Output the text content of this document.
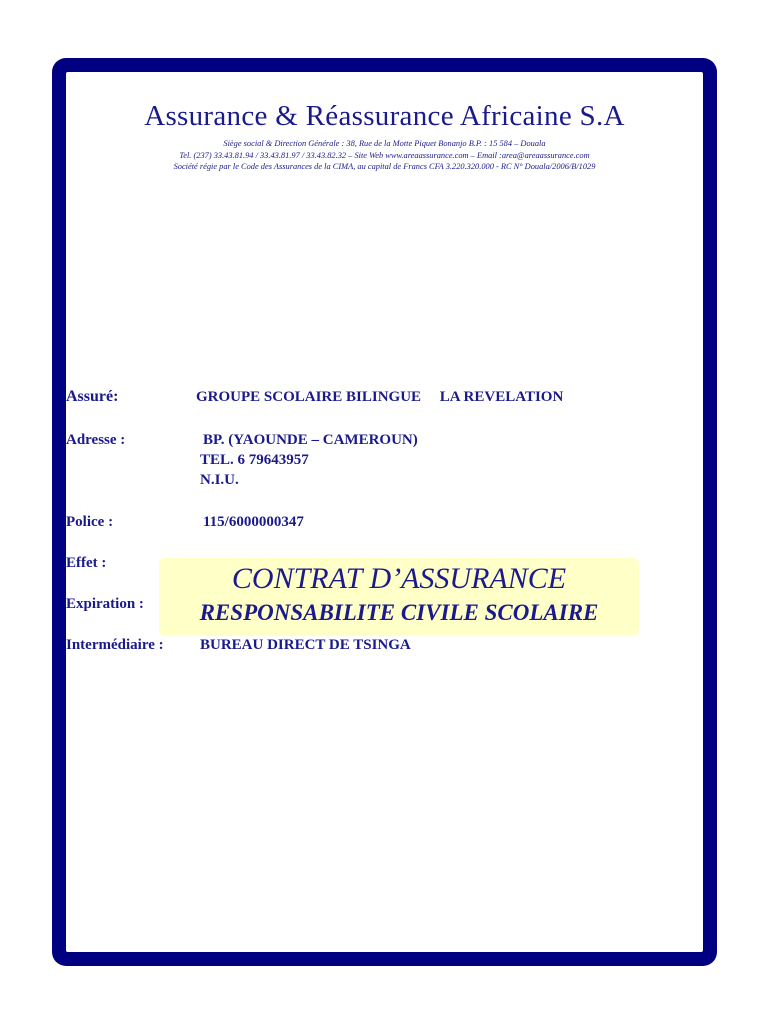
Assurance & Réassurance Africaine S.A
Siège social & Direction Générale : 38, Rue de la Motte Piquet Bonanjo B.P. : 15 584 – Douala
Tel. (237) 33.43.81.94 / 33.43.81.97 / 33.43.82.32 – Site Web www.areaassurance.com – Email :area@areaassurance.com
Société régie par le Code des Assurances de la CIMA, au capital de Francs CFA 3.220.320.000 - RC N° Douala/2006/B/1029
Assuré:	GROUPE SCOLAIRE BILINGUE     LA REVELATION
Adresse :	BP. (YAOUNDE – CAMEROUN)
TEL. 6 79643957
N.I.U.
Police :	115/6000000347
Effet :
Expiration :
CONTRAT D’ASSURANCE
RESPONSABILITE CIVILE SCOLAIRE
Intermédiaire : BUREAU DIRECT DE TSINGA
